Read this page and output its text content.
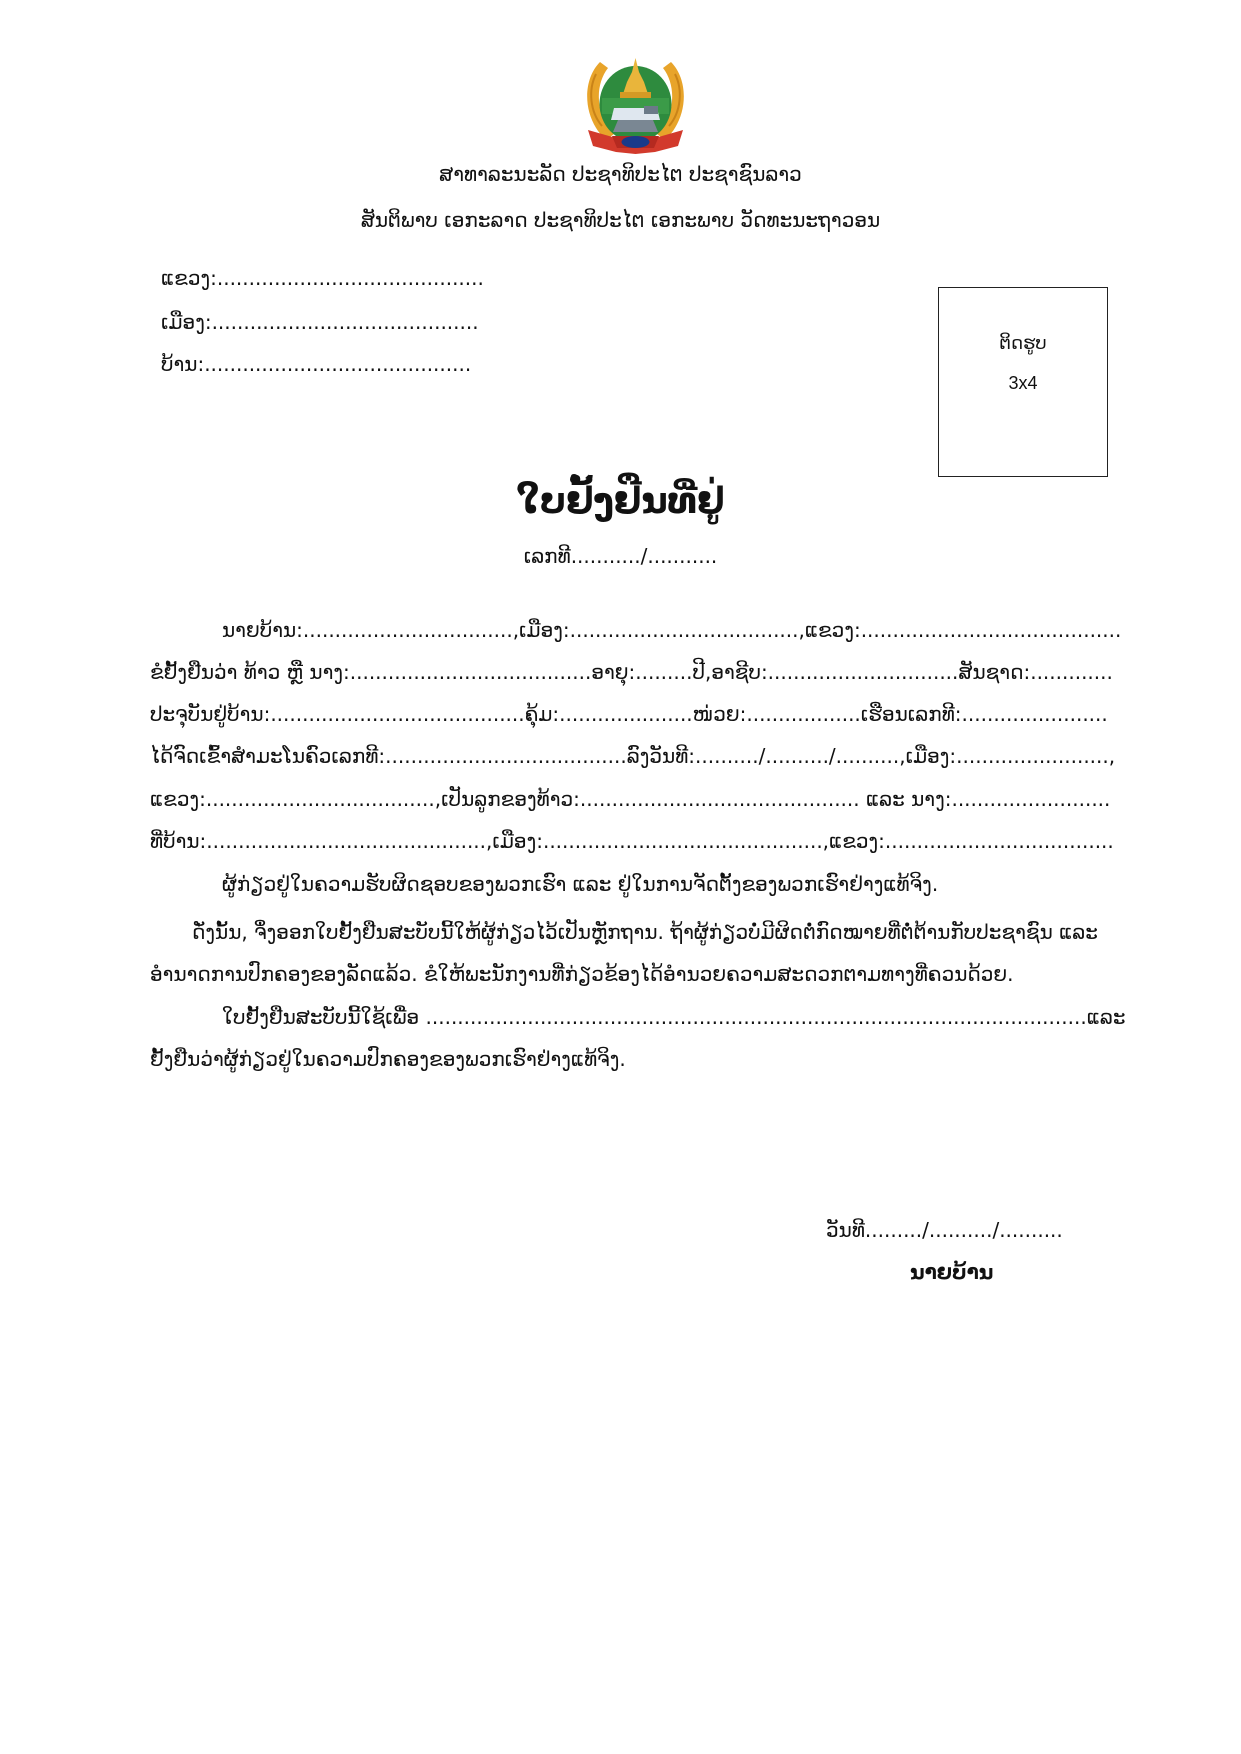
ສາທາລະນະລັດ ປະຊາທິປະໄຕ ປະຊາຊົນລາວ
ສັນຕິພາບ ເອກະລາດ ປະຊາທິປະໄຕ ເອກະພາບ ວັດທະນະຖາວອນ
ແຂວງ:..........................................
ເມືອງ:..........................................
ບ້ານ:..........................................
ຕິດຮູບ
3x4
ໃບຢັ້ງຢືນທີ່ຢູ່
ເລກທີ.........../...........
ນາຍບ້ານ:.................................,ເມືອງ:....................................,ແຂວງ:.........................................
ຂໍຢັ້ງຢືນວ່າ ທ້າວ ຫຼື ນາງ:......................................ອາຍຸ:.........ປີ,ອາຊີບ:..............................ສັນຊາດ:.............
ປະຈຸບັນຢູ່ບ້ານ:........................................ຄຸ້ມ:.....................ໜ່ວຍ:..................ເຮືອນເລກທີ:.......................
ໄດ້ຈົດເຂົ້າສຳມະໂນຄົວເລກທີ:......................................ລົງວັນທີ:........../........../..........,ເມືອງ:........................,
ແຂວງ:....................................,ເປັນລູກຂອງທ້າວ:............................................ ແລະ ນາງ:.........................
ທີ່ບ້ານ:............................................,ເມືອງ:............................................,ແຂວງ:....................................
ຜູ້ກ່ຽວຢູ່ໃນຄວາມຮັບຜິດຊອບຂອງພວກເຮົາ ແລະ ຢູ່ໃນການຈັດຕັ້ງຂອງພວກເຮົາຢ່າງແທ້ຈິງ.
ດັ່ງນັ້ນ, ຈຶ່ງອອກໃບຢັ້ງຢືນສະບັບນີ້ໃຫ້ຜູ້ກ່ຽວໄວ້ເປັນຫຼັກຖານ. ຖ້າຜູ້ກ່ຽວບໍ່ມີຜິດຕໍ່ກົດໝາຍທີ່ຕໍ່ຕ້ານກັບປະຊາຊົນ ແລະ
ອຳນາດການປົກຄອງຂອງລັດແລ້ວ. ຂໍໃຫ້ພະນັກງານທີ່ກ່ຽວຂ້ອງໄດ້ອຳນວຍຄວາມສະດວກຕາມທາງທີ່ຄວນດ້ວຍ.
ໃບຢັ້ງຢືນສະບັບນີ້ໃຊ້ເພື່ອ ........................................................................................................ແລະ
ຢັ້ງຢືນວ່າຜູ້ກ່ຽວຢູ່ໃນຄວາມປົກຄອງຂອງພວກເຮົາຢ່າງແທ້ຈິງ.
ວັນທີ........./........../..........
ນາຍບ້ານ
